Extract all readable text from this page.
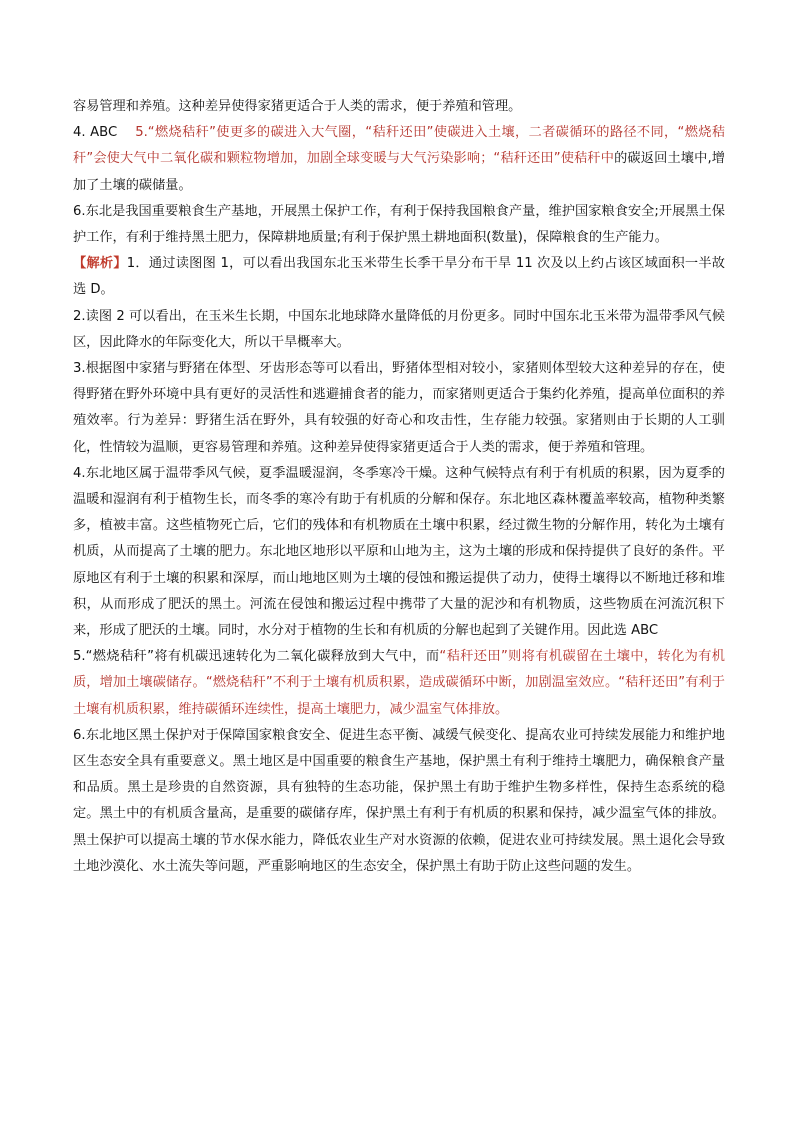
容易管理和养殖。这种差异使得家猪更适合于人类的需求，便于养殖和管理。

4. ABC 5.“燃烧秸秆”使更多的碳进入大气圈，“秸秆还田”使碳进入土壤，二者碳循环的路径不同，“燃烧秸秆”会使大气中二氧化碳和颗粒物增加，加剧全球变暖与大气污染影响；“秸秆还田”使秸秆中的碳返回土壤中,增加了土壤的碳储量。

6.东北是我国重要粮食生产基地，开展黑土保护工作，有利于保持我国粮食产量，维护国家粮食安全;开展黑土保护工作，有利于维持黑土肥力，保障耕地质量;有利于保护黑土耕地面积(数量)，保障粮食的生产能力。

【解析】1．通过读图图 1，可以看出我国东北玉米带生长季干旱分布干旱 11 次及以上约占该区域面积一半故选 D。

2.读图 2 可以看出，在玉米生长期，中国东北地球降水量降低的月份更多。同时中国东北玉米带为温带季风气候区，因此降水的年际变化大，所以干旱概率大。

3.根据图中家猪与野猪在体型、牙齿形态等可以看出，野猪体型相对较小，家猪则体型较大这种差异的存在，使得野猪在野外环境中具有更好的灵活性和逃避捕食者的能力，而家猪则更适合于集约化养殖，提高单位面积的养殖效率。行为差异：野猪生活在野外，具有较强的好奇心和攻击性，生存能力较强。家猪则由于长期的人工驯化，性情较为温顺，更容易管理和养殖。这种差异使得家猪更适合于人类的需求，便于养殖和管理。

4.东北地区属于温带季风气候，夏季温暖湿润，冬季寒冷干燥。这种气候特点有利于有机质的积累，因为夏季的温暖和湿润有利于植物生长，而冬季的寒冷有助于有机质的分解和保存。东北地区森林覆盖率较高，植物种类繁多，植被丰富。这些植物死亡后，它们的残体和有机物质在土壤中积累，经过微生物的分解作用，转化为土壤有机质，从而提高了土壤的肥力。东北地区地形以平原和山地为主，这为土壤的形成和保持提供了良好的条件。平原地区有利于土壤的积累和深厚，而山地地区则为土壤的侵蚀和搬运提供了动力，使得土壤得以不断地迁移和堆积，从而形成了肥沃的黑土。河流在侵蚀和搬运过程中携带了大量的泥沙和有机物质，这些物质在河流沉积下来，形成了肥沃的土壤。同时，水分对于植物的生长和有机质的分解也起到了关键作用。因此选 ABC

5.“燃烧秸秆”将有机碳迅速转化为二氧化碳释放到大气中，而“秸秆还田”则将有机碳留在土壤中，转化为有机质，增加土壤碳储存。“燃烧秸秆”不利于土壤有机质积累，造成碳循环中断，加剧温室效应。“秸秆还田”有利于土壤有机质积累，维持碳循环连续性，提高土壤肥力，减少温室气体排放。

6.东北地区黑土保护对于保障国家粮食安全、促进生态平衡、减缓气候变化、提高农业可持续发展能力和维护地区生态安全具有重要意义。黑土地区是中国重要的粮食生产基地，保护黑土有利于维持土壤肥力，确保粮食产量和品质。黑土是珍贵的自然资源，具有独特的生态功能，保护黑土有助于维护生物多样性，保持生态系统的稳定。黑土中的有机质含量高，是重要的碳储存库，保护黑土有利于有机质的积累和保持，减少温室气体的排放。黑土保护可以提高土壤的节水保水能力，降低农业生产对水资源的依赖，促进农业可持续发展。黑土退化会导致土地沙漠化、水土流失等问题，严重影响地区的生态安全，保护黑土有助于防止这些问题的发生。
